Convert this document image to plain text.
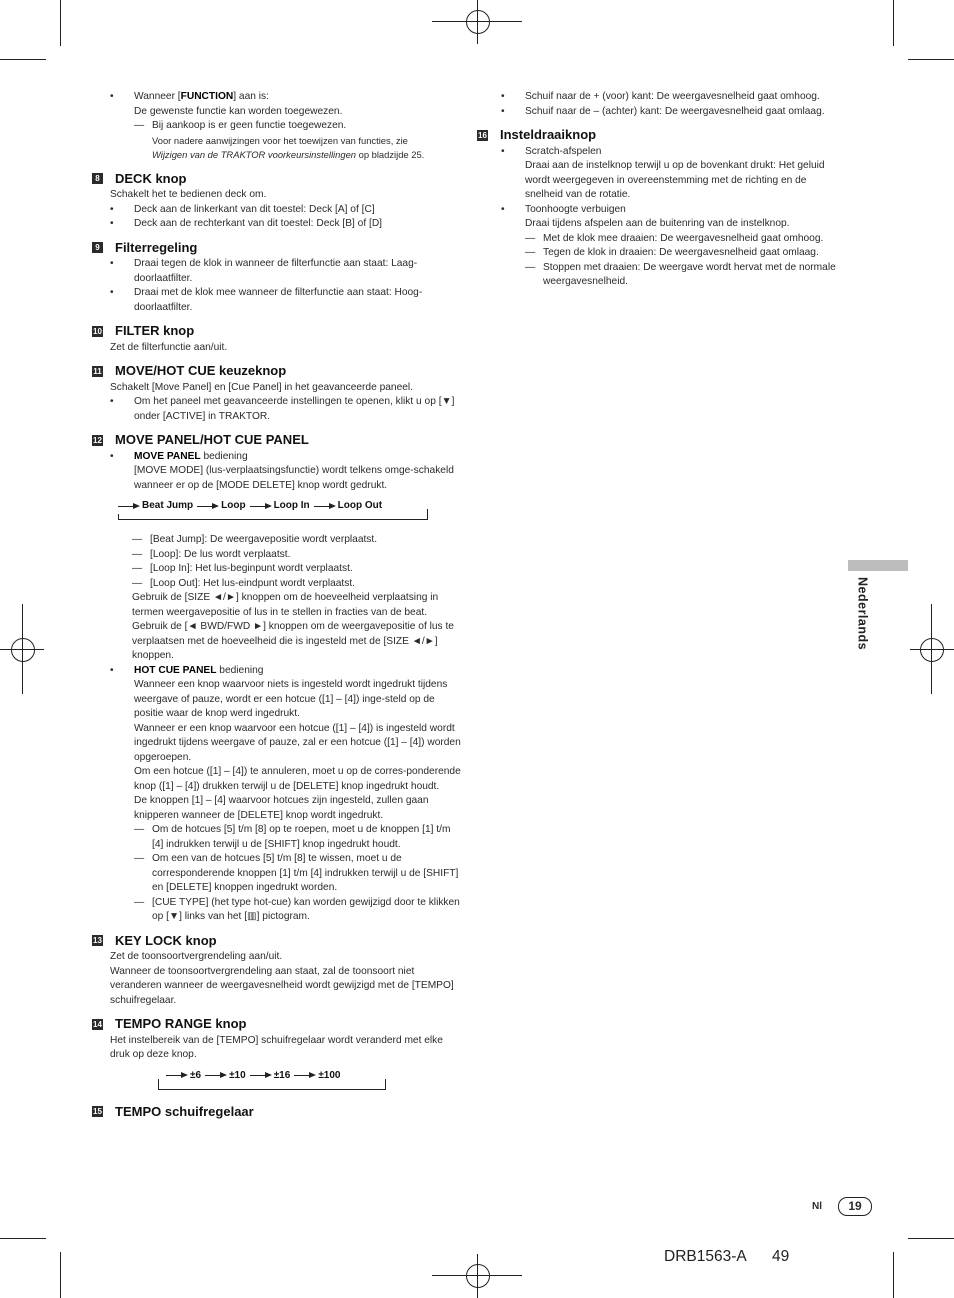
•	Wanneer [FUNCTION] aan is:
De gewenste functie kan worden toegewezen.
— Bij aankoop is er geen functie toegewezen.
Voor nadere aanwijzingen voor het toewijzen van functies, zie
Wijzigen van de TRAKTOR voorkeursinstellingen op bladzijde 25.
8 DECK knop
Schakelt het te bedienen deck om.
•	Deck aan de linkerkant van dit toestel: Deck [A] of [C]
•	Deck aan de rechterkant van dit toestel: Deck [B] of [D]
9 Filterregeling
•	Draai tegen de klok in wanneer de filterfunctie aan staat: Laag-doorlaatfilter.
•	Draai met de klok mee wanneer de filterfunctie aan staat: Hoog-doorlaatfilter.
10 FILTER knop
Zet de filterfunctie aan/uit.
11 MOVE/HOT CUE keuzeknop
Schakelt [Move Panel] en [Cue Panel] in het geavanceerde paneel.
•	Om het paneel met geavanceerde instellingen te openen, klikt u op [▼] onder [ACTIVE] in TRAKTOR.
12 MOVE PANEL/HOT CUE PANEL
•	MOVE PANEL bediening
[MOVE MODE] (lus-verplaatsingsfunctie) wordt telkens omge-schakeld wanneer er op de [MODE DELETE] knop wordt gedrukt.
Beat Jump	Loop	Loop In	Loop Out
— [Beat Jump]: De weergavepositie wordt verplaatst.
— [Loop]: De lus wordt verplaatst.
— [Loop In]: Het lus-beginpunt wordt verplaatst.
— [Loop Out]: Het lus-eindpunt wordt verplaatst.
Gebruik de [SIZE ◄/►] knoppen om de hoeveelheid verplaatsing in termen weergavepositie of lus in te stellen in fracties van de beat.
Gebruik de [◄ BWD/FWD ►] knoppen om de weergavepositie of lus te verplaatsen met de hoeveelheid die is ingesteld met de [SIZE ◄/►] knoppen.
•	HOT CUE PANEL bediening
Wanneer een knop waarvoor niets is ingesteld wordt ingedrukt tijdens weergave of pauze, wordt er een hotcue ([1] – [4]) inge-steld op de positie waar de knop werd ingedrukt.
Wanneer er een knop waarvoor een hotcue ([1] – [4]) is ingesteld wordt ingedrukt tijdens weergave of pauze, zal er een hotcue ([1] – [4]) worden opgeroepen.
Om een hotcue ([1] – [4]) te annuleren, moet u op de corres-ponderende knop ([1] – [4]) drukken terwijl u de [DELETE] knop ingedrukt houdt.
De knoppen [1] – [4] waarvoor hotcues zijn ingesteld, zullen gaan knipperen wanneer de [DELETE] knop wordt ingedrukt.
— Om de hotcues [5] t/m [8] op te roepen, moet u de knoppen [1] t/m [4] indrukken terwijl u de [SHIFT] knop ingedrukt houdt.
— Om een van de hotcues [5] t/m [8] te wissen, moet u de corresponderende knoppen [1] t/m [4] indrukken terwijl u de [SHIFT] en [DELETE] knoppen ingedrukt worden.
— [CUE TYPE] (het type hot-cue) kan worden gewijzigd door te klikken op [▼] links van het [▥] pictogram.
13 KEY LOCK knop
Zet de toonsoortvergrendeling aan/uit.
Wanneer de toonsoortvergrendeling aan staat, zal de toonsoort niet veranderen wanneer de weergavesnelheid wordt gewijzigd met de [TEMPO] schuifregelaar.
14 TEMPO RANGE knop
Het instelbereik van de [TEMPO] schuifregelaar wordt veranderd met elke druk op deze knop.
±6	±10	±16	±100
15 TEMPO schuifregelaar
•	Schuif naar de + (voor) kant: De weergavesnelheid gaat omhoog.
•	Schuif naar de – (achter) kant: De weergavesnelheid gaat omlaag.
16 Insteldraaiknop
•	Scratch-afspelen
Draai aan de instelknop terwijl u op de bovenkant drukt: Het geluid wordt weergegeven in overeenstemming met de richting en de snelheid van de rotatie.
•	Toonhoogte verbuigen
Draai tijdens afspelen aan de buitenring van de instelknop.
— Met de klok mee draaien: De weergavesnelheid gaat omhoog.
— Tegen de klok in draaien: De weergavesnelheid gaat omlaag.
— Stoppen met draaien: De weergave wordt hervat met de normale weergavesnelheid.
Nederlands
Nl	19
DRB1563-A 49
